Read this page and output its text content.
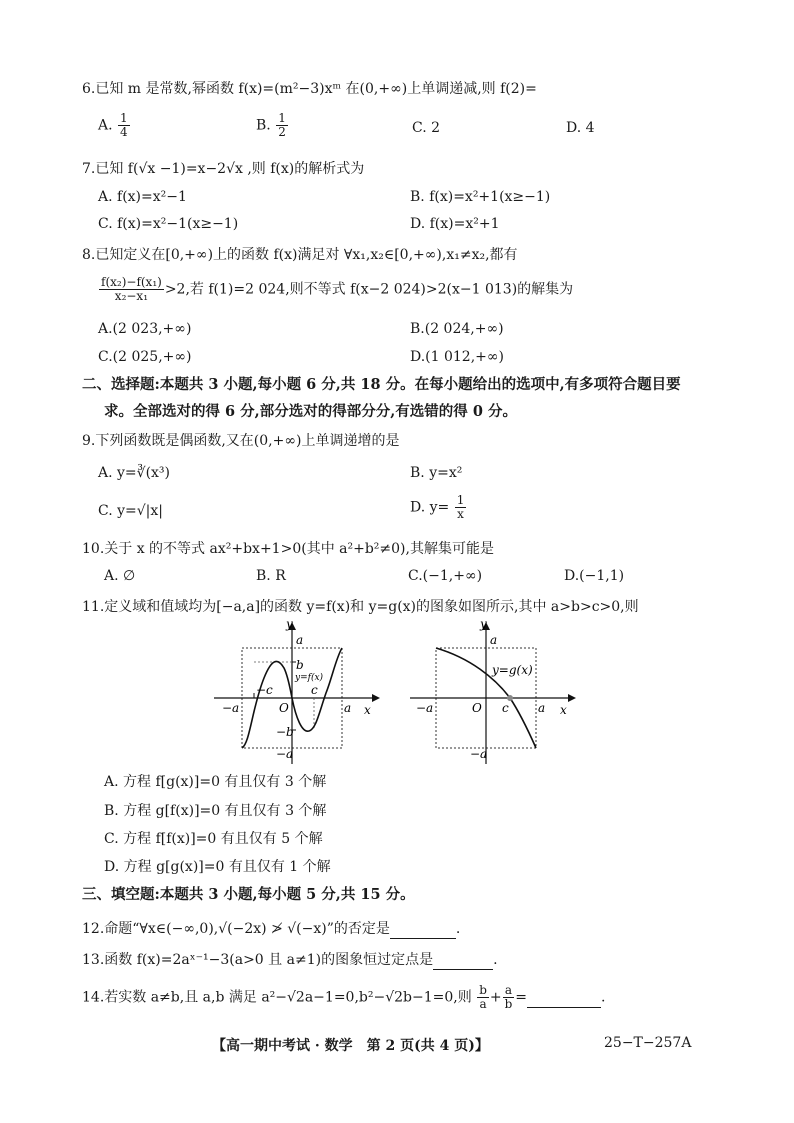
6.已知 m 是常数,幂函数 f(x)=(m²−3)xᵐ 在(0,+∞)上单调递减,则 f(2)=
A. $\frac{1}{4}$	B. $\frac{1}{2}$	C. 2	D. 4
7.已知 f(√x −1)=x−2√x ,则 f(x)的解析式为
A. f(x)=x²−1	B. f(x)=x²+1(x≥−1)
C. f(x)=x²−1(x≥−1)	D. f(x)=x²+1
8.已知定义在[0,+∞)上的函数 f(x)满足对 ∀x₁,x₂∈[0,+∞),x₁≠x₂,都有
$\frac{\text{f(x₂)−f(x₁)}}{\text{x₂−x₁}} >2$,若 f(1)=2 024,则不等式 f(x−2 024)>2(x−1 013)的解集为
A.(2 023,+∞)	B.(2 024,+∞)
C.(2 025,+∞)	D.(1 012,+∞)
二、选择题:本题共 3 小题,每小题 6 分,共 18 分。在每小题给出的选项中,有多项符合题目要
求。全部选对的得 6 分,部分选对的得部分分,有选错的得 0 分。
9.下列函数既是偶函数,又在(0,+∞)上单调递增的是
A. y=∛(x³)	B. y=x²
C. y=√|x|	D. $y= \frac{1}{x}$
10.关于 x 的不等式 ax²+bx+1>0(其中 a²+b²≠0),其解集可能是
A. ∅	B. R	C.(−1,+∞)	D.(−1,1)
11.定义域和值域均为[−a,a]的函数 y=f(x)和 y=g(x)的图象如图所示,其中 a>b>c>0,则
y
x
O
a
b
y=f(x)
−c	c
−a	a
−b
−a
y
x
O
a
y=g(x)
c
−a	a
−a
A. 方程 f[g(x)]=0 有且仅有 3 个解
B. 方程 g[f(x)]=0 有且仅有 3 个解
C. 方程 f[f(x)]=0 有且仅有 5 个解
D. 方程 g[g(x)]=0 有且仅有 1 个解
三、填空题:本题共 3 小题,每小题 5 分,共 15 分。
12.命题“∀x∈(−∞,0),√(−2x) ≯ √(−x)”的否定是	.
13.函数 f(x)=2aˣ⁻¹−3(a>0 且 a≠1)的图象恒过定点是	.
14.若实数 a≠b,且 a,b 满足 a²−√2a−1=0,b²−√2b−1=0,则 $\frac{b}{a} + \frac{a}{b}$ =	.
【高一期中考试 · 数学　第 2 页(共 4 页)】	25−T−257A
